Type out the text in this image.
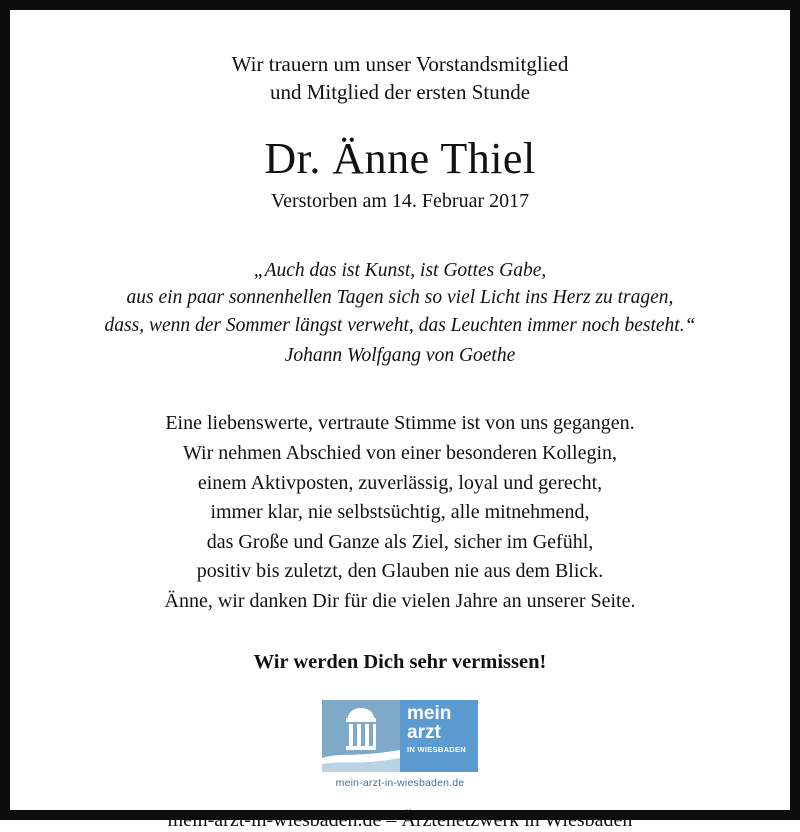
Wir trauern um unser Vorstandsmitglied
und Mitglied der ersten Stunde
Dr. Änne Thiel
Verstorben am 14. Februar 2017
„Auch das ist Kunst, ist Gottes Gabe,
aus ein paar sonnenhellen Tagen sich so viel Licht ins Herz zu tragen,
dass, wenn der Sommer längst verweht, das Leuchten immer noch besteht.“
Johann Wolfgang von Goethe
Eine liebenswerte, vertraute Stimme ist von uns gegangen.
Wir nehmen Abschied von einer besonderen Kollegin,
einem Aktivposten, zuverlässig, loyal und gerecht,
immer klar, nie selbstsüchtig, alle mitnehmend,
das Große und Ganze als Ziel, sicher im Gefühl,
positiv bis zuletzt, den Glauben nie aus dem Blick.
Änne, wir danken Dir für die vielen Jahre an unserer Seite.
Wir werden Dich sehr vermissen!
mein
arzt
IN WIESBADEN
mein-arzt-in-wiesbaden.de
mein-arzt-in-wiesbaden.de – Ärztenetzwerk in Wiesbaden
